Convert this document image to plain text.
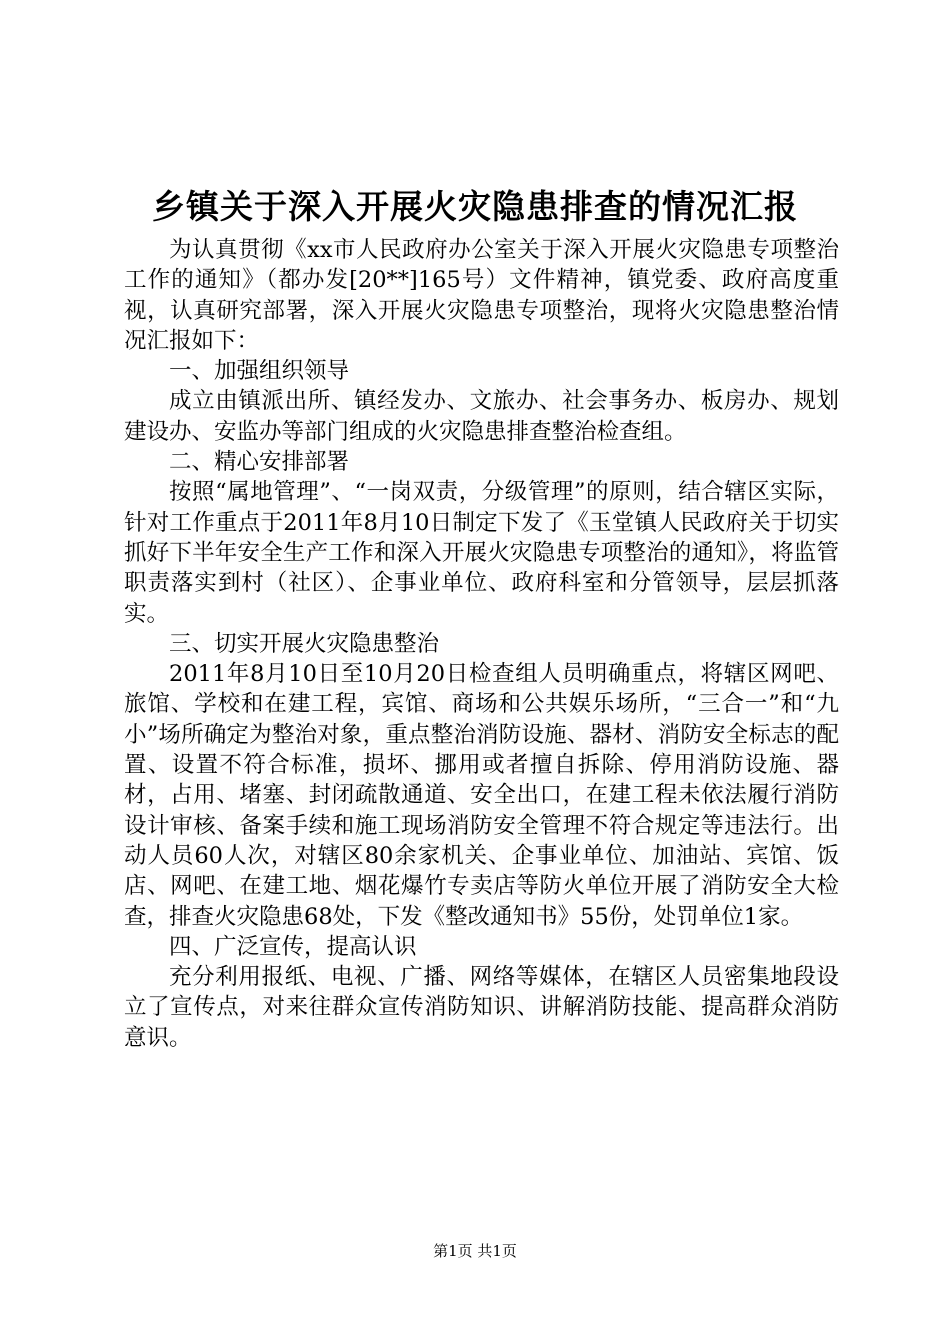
乡镇关于深入开展火灾隐患排查的情况汇报

为认真贯彻《xx市人民政府办公室关于深入开展火灾隐患专项整治工作的通知》（都办发[20**]165号）文件精神，镇党委、政府高度重视，认真研究部署，深入开展火灾隐患专项整治，现将火灾隐患整治情况汇报如下：

一、加强组织领导

成立由镇派出所、镇经发办、文旅办、社会事务办、板房办、规划建设办、安监办等部门组成的火灾隐患排查整治检查组。

二、精心安排部署

按照“属地管理”、“一岗双责，分级管理”的原则，结合辖区实际，针对工作重点于2011年8月10日制定下发了《玉堂镇人民政府关于切实抓好下半年安全生产工作和深入开展火灾隐患专项整治的通知》，将监管职责落实到村（社区）、企事业单位、政府科室和分管领导，层层抓落实。

三、切实开展火灾隐患整治

2011年8月10日至10月20日检查组人员明确重点，将辖区网吧、旅馆、学校和在建工程，宾馆、商场和公共娱乐场所，“三合一”和“九小”场所确定为整治对象，重点整治消防设施、器材、消防安全标志的配置、设置不符合标准，损坏、挪用或者擅自拆除、停用消防设施、器材，占用、堵塞、封闭疏散通道、安全出口，在建工程未依法履行消防设计审核、备案手续和施工现场消防安全管理不符合规定等违法行。出动人员60人次，对辖区80余家机关、企事业单位、加油站、宾馆、饭店、网吧、在建工地、烟花爆竹专卖店等防火单位开展了消防安全大检查，排查火灾隐患68处，下发《整改通知书》55份，处罚单位1家。

四、广泛宣传，提高认识

充分利用报纸、电视、广播、网络等媒体，在辖区人员密集地段设立了宣传点，对来往群众宣传消防知识、讲解消防技能、提高群众消防意识。

第1页 共1页
